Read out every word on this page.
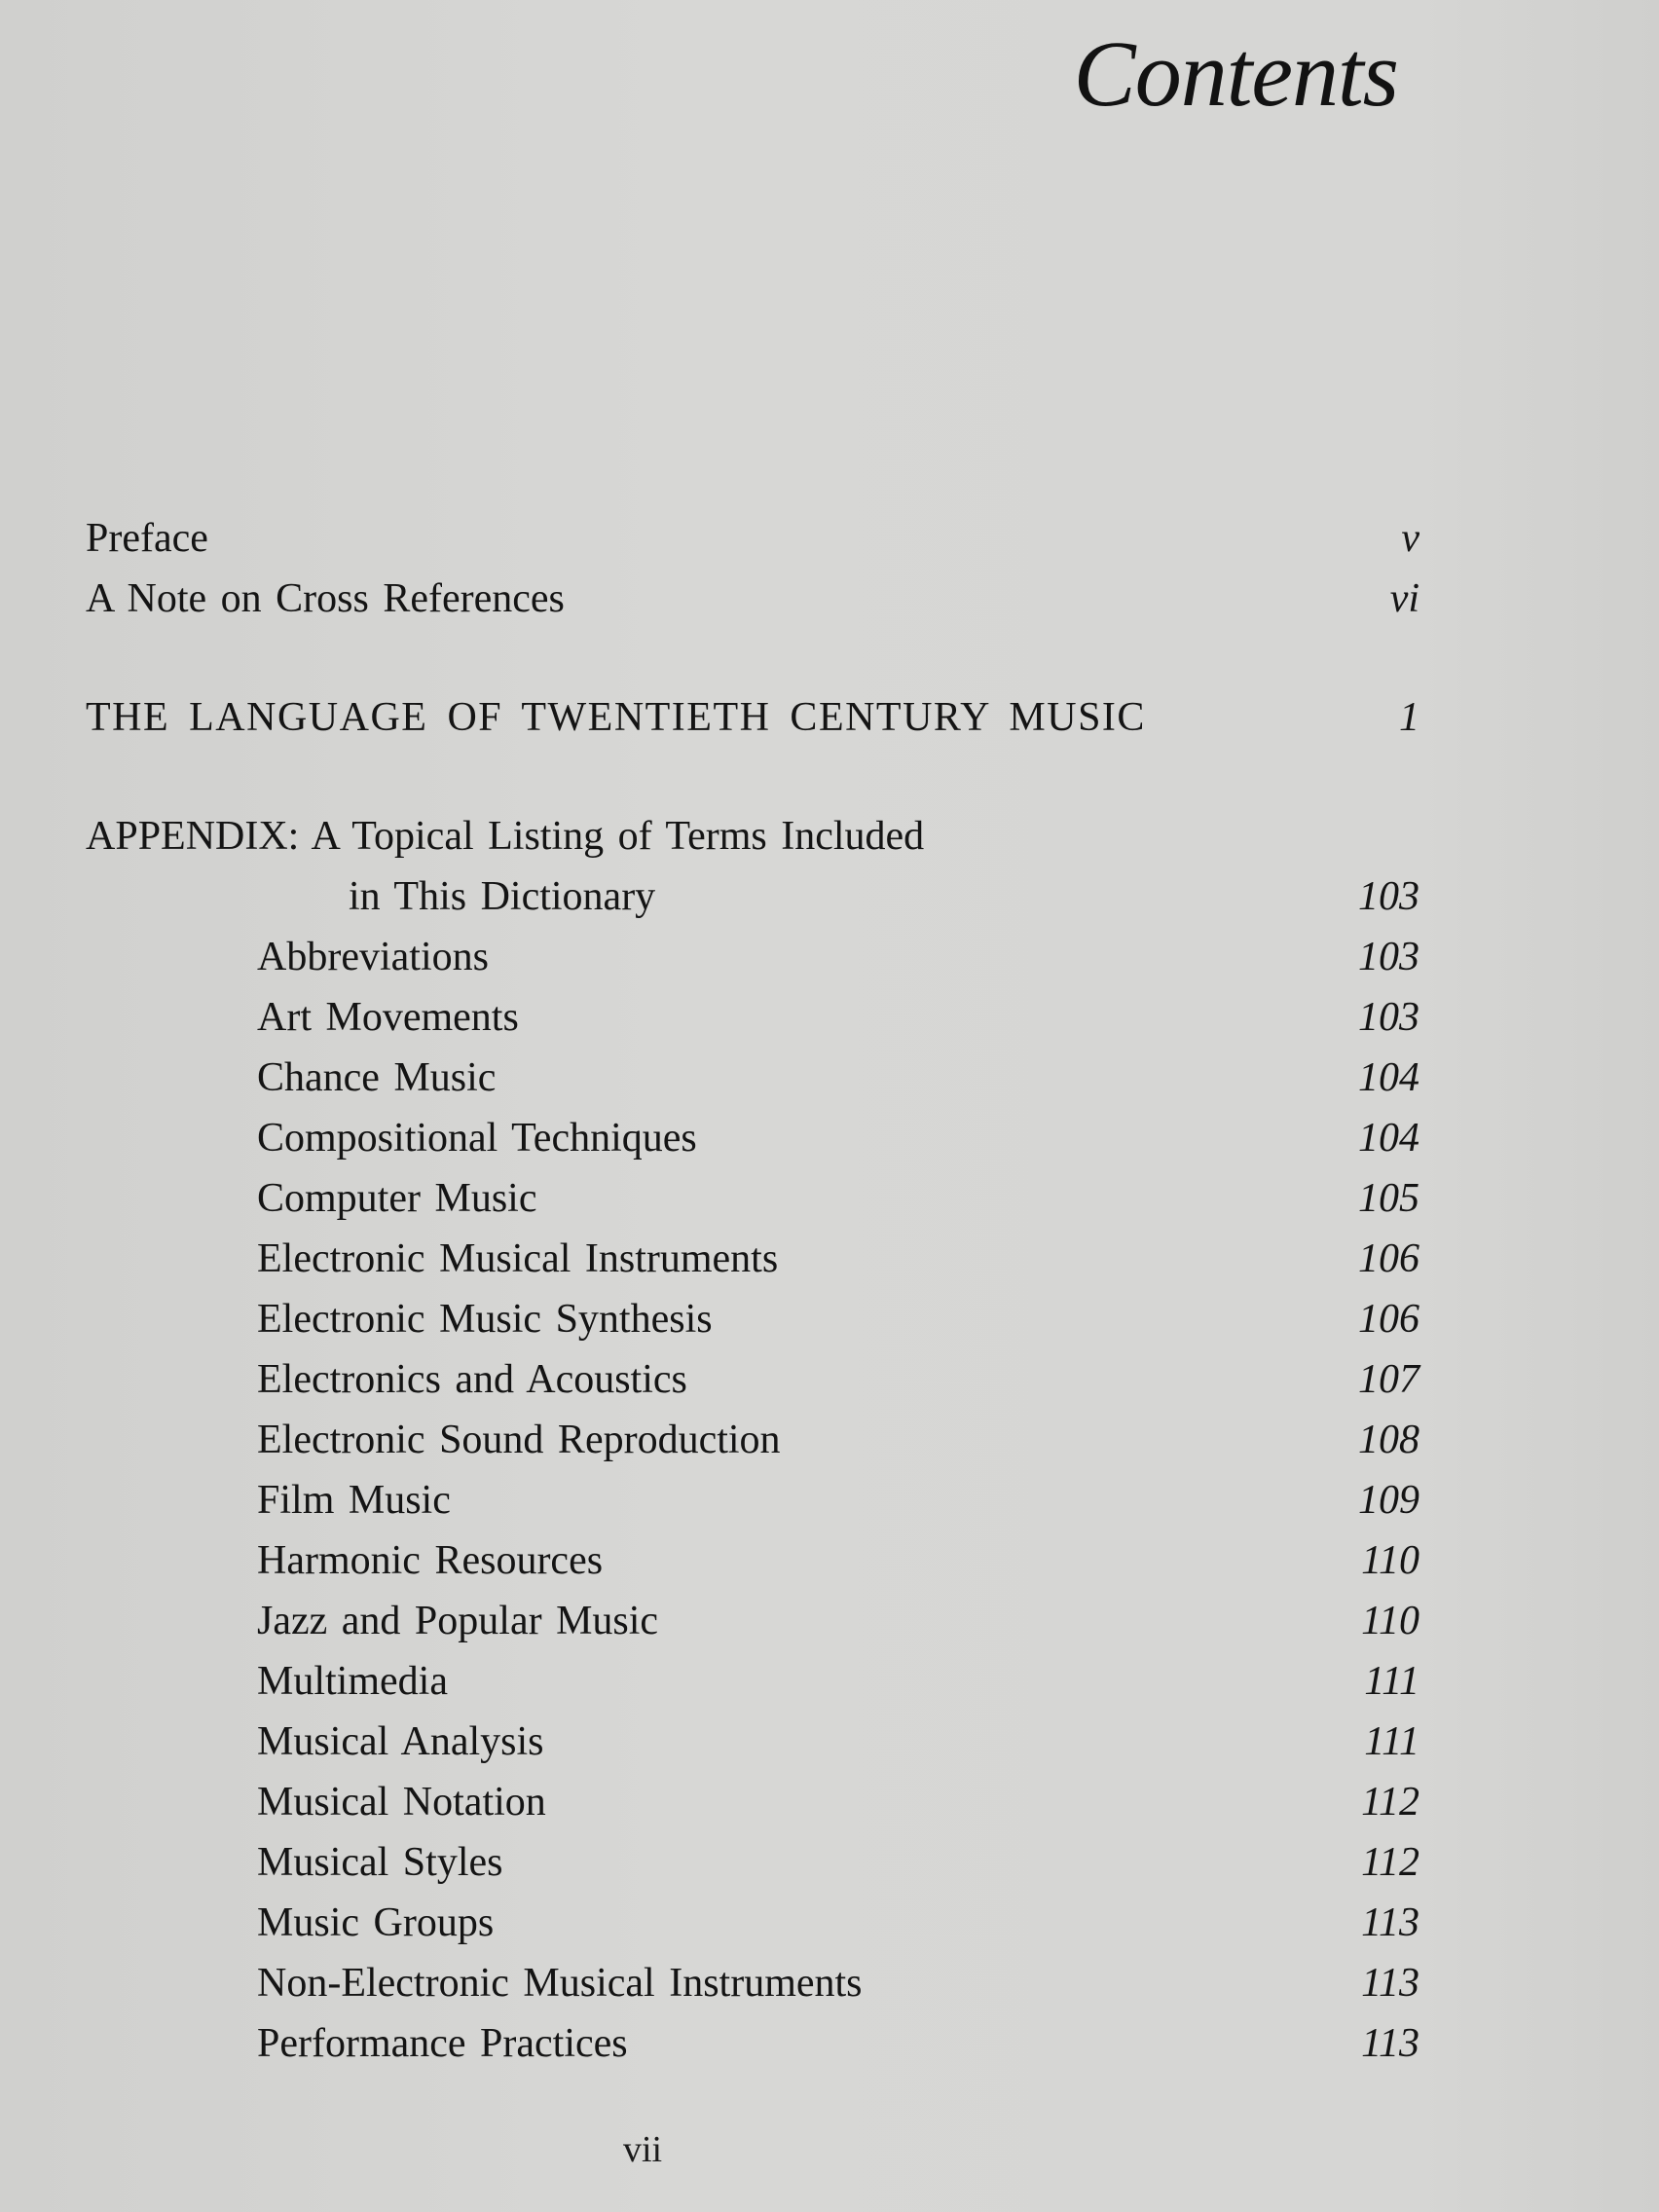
Contents
Preface	v
A Note on Cross References	vi
THE LANGUAGE OF TWENTIETH CENTURY MUSIC	1
APPENDIX: A Topical Listing of Terms Included
in This Dictionary	103
Abbreviations	103
Art Movements	103
Chance Music	104
Compositional Techniques	104
Computer Music	105
Electronic Musical Instruments	106
Electronic Music Synthesis	106
Electronics and Acoustics	107
Electronic Sound Reproduction	108
Film Music	109
Harmonic Resources	110
Jazz and Popular Music	110
Multimedia	111
Musical Analysis	111
Musical Notation	112
Musical Styles	112
Music Groups	113
Non-Electronic Musical Instruments	113
Performance Practices	113
vii
